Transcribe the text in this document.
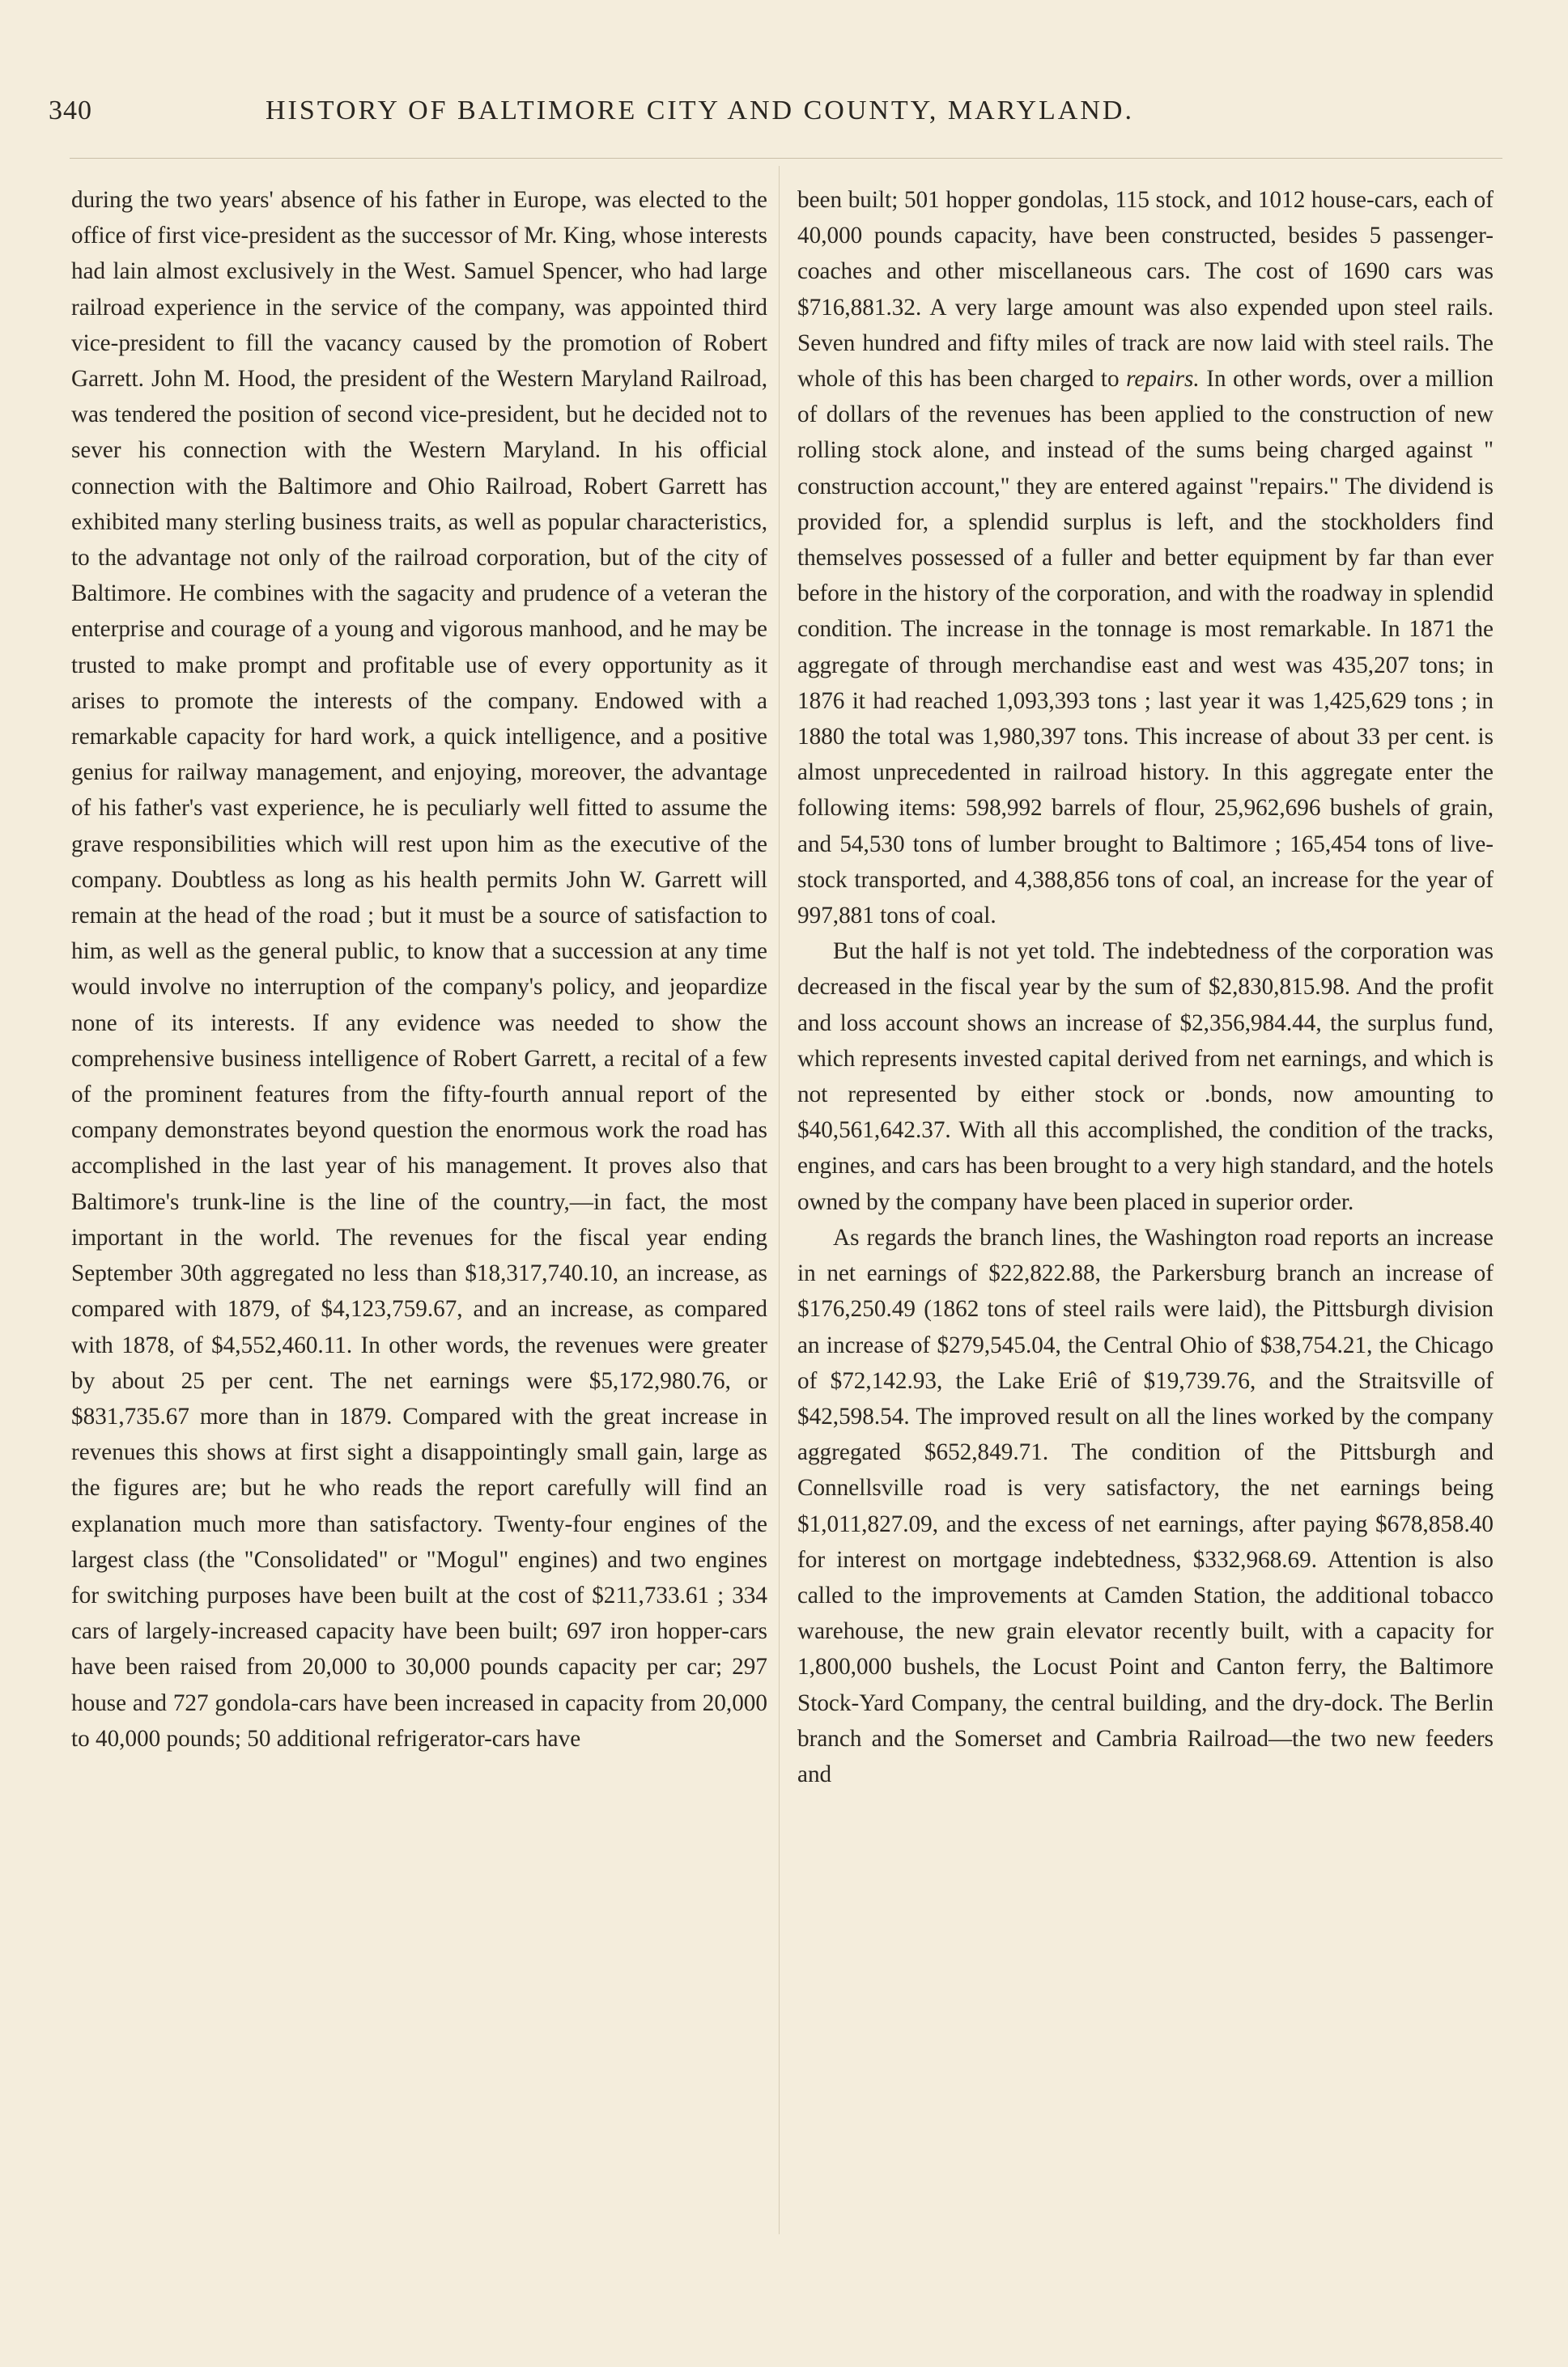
340	HISTORY OF BALTIMORE CITY AND COUNTY, MARYLAND.

during the two years' absence of his father in Europe, was elected to the office of first vice-president as the successor of Mr. King, whose interests had lain almost exclusively in the West. Samuel Spencer, who had large railroad experience in the service of the company, was appointed third vice-president to fill the vacancy caused by the promotion of Robert Garrett. John M. Hood, the president of the Western Maryland Railroad, was tendered the position of second vice-president, but he decided not to sever his connection with the Western Maryland. In his official connection with the Baltimore and Ohio Railroad, Robert Garrett has exhibited many sterling business traits, as well as popular characteristics, to the advantage not only of the railroad corporation, but of the city of Baltimore. He combines with the sagacity and prudence of a veteran the enterprise and courage of a young and vigorous manhood, and he may be trusted to make prompt and profitable use of every opportunity as it arises to promote the interests of the company. Endowed with a remarkable capacity for hard work, a quick intelligence, and a positive genius for railway management, and enjoying, moreover, the advantage of his father's vast experience, he is peculiarly well fitted to assume the grave responsibilities which will rest upon him as the executive of the company. Doubtless as long as his health permits John W. Garrett will remain at the head of the road ; but it must be a source of satisfaction to him, as well as the general public, to know that a succession at any time would involve no interruption of the company's policy, and jeopardize none of its interests. If any evidence was needed to show the comprehensive business intelligence of Robert Garrett, a recital of a few of the prominent features from the fifty-fourth annual report of the company demonstrates beyond question the enormous work the road has accomplished in the last year of his management. It proves also that Baltimore's trunk-line is the line of the country,—in fact, the most important in the world. The revenues for the fiscal year ending September 30th aggregated no less than $18,317,740.10, an increase, as compared with 1879, of $4,123,759.67, and an increase, as compared with 1878, of $4,552,460.11. In other words, the revenues were greater by about 25 per cent. The net earnings were $5,172,980.76, or $831,735.67 more than in 1879. Compared with the great increase in revenues this shows at first sight a disappointingly small gain, large as the figures are; but he who reads the report carefully will find an explanation much more than satisfactory. Twenty-four engines of the largest class (the "Consolidated" or "Mogul" engines) and two engines for switching purposes have been built at the cost of $211,733.61 ; 334 cars of largely-increased capacity have been built; 697 iron hopper-cars have been raised from 20,000 to 30,000 pounds capacity per car; 297 house and 727 gondola-cars have been increased in capacity from 20,000 to 40,000 pounds; 50 additional refrigerator-cars have

been built; 501 hopper gondolas, 115 stock, and 1012 house-cars, each of 40,000 pounds capacity, have been constructed, besides 5 passenger-coaches and other miscellaneous cars. The cost of 1690 cars was $716,881.32. A very large amount was also expended upon steel rails. Seven hundred and fifty miles of track are now laid with steel rails. The whole of this has been charged to repairs. In other words, over a million of dollars of the revenues has been applied to the construction of new rolling stock alone, and instead of the sums being charged against " construction account," they are entered against "repairs." The dividend is provided for, a splendid surplus is left, and the stockholders find themselves possessed of a fuller and better equipment by far than ever before in the history of the corporation, and with the roadway in splendid condition. The increase in the tonnage is most remarkable. In 1871 the aggregate of through merchandise east and west was 435,207 tons; in 1876 it had reached 1,093,393 tons ; last year it was 1,425,629 tons ; in 1880 the total was 1,980,397 tons. This increase of about 33 per cent. is almost unprecedented in railroad history. In this aggregate enter the following items: 598,992 barrels of flour, 25,962,696 bushels of grain, and 54,530 tons of lumber brought to Baltimore ; 165,454 tons of live-stock transported, and 4,388,856 tons of coal, an increase for the year of 997,881 tons of coal.

But the half is not yet told. The indebtedness of the corporation was decreased in the fiscal year by the sum of $2,830,815.98. And the profit and loss account shows an increase of $2,356,984.44, the surplus fund, which represents invested capital derived from net earnings, and which is not represented by either stock or .bonds, now amounting to $40,561,642.37. With all this accomplished, the condition of the tracks, engines, and cars has been brought to a very high standard, and the hotels owned by the company have been placed in superior order.

As regards the branch lines, the Washington road reports an increase in net earnings of $22,822.88, the Parkersburg branch an increase of $176,250.49 (1862 tons of steel rails were laid), the Pittsburgh division an increase of $279,545.04, the Central Ohio of $38,754.21, the Chicago of $72,142.93, the Lake Eriê of $19,739.76, and the Straitsville of $42,598.54. The improved result on all the lines worked by the company aggregated $652,849.71. The condition of the Pittsburgh and Connellsville road is very satisfactory, the net earnings being $1,011,827.09, and the excess of net earnings, after paying $678,858.40 for interest on mortgage indebtedness, $332,968.69. Attention is also called to the improvements at Camden Station, the additional tobacco warehouse, the new grain elevator recently built, with a capacity for 1,800,000 bushels, the Locust Point and Canton ferry, the Baltimore Stock-Yard Company, the central building, and the dry-dock. The Berlin branch and the Somerset and Cambria Railroad—the two new feeders and
